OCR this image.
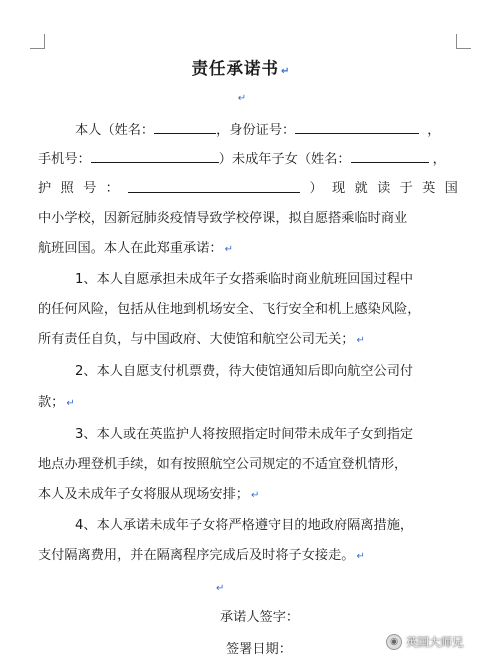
责任承诺书 ↵
↵
本人（姓名：	，身份证号：	，
手机号：	）未成年子女（姓名：	，
护 照 号 ：	） 现 就 读 于 英 国
中小学校，因新冠肺炎疫情导致学校停课，拟自愿搭乘临时商业
航班回国。本人在此郑重承诺： ↵
1、本人自愿承担未成年子女搭乘临时商业航班回国过程中
的任何风险，包括从住地到机场安全、飞行安全和机上感染风险，
所有责任自负，与中国政府、大使馆和航空公司无关； ↵
2、本人自愿支付机票费，待大使馆通知后即向航空公司付
款； ↵
3、本人或在英监护人将按照指定时间带未成年子女到指定
地点办理登机手续，如有按照航空公司规定的不适宜登机情形，
本人及未成年子女将服从现场安排； ↵
4、本人承诺未成年子女将严格遵守目的地政府隔离措施，
支付隔离费用，并在隔离程序完成后及时将子女接走。 ↵
↵
承诺人签字：
签署日期：	◉ 英国大师兄
